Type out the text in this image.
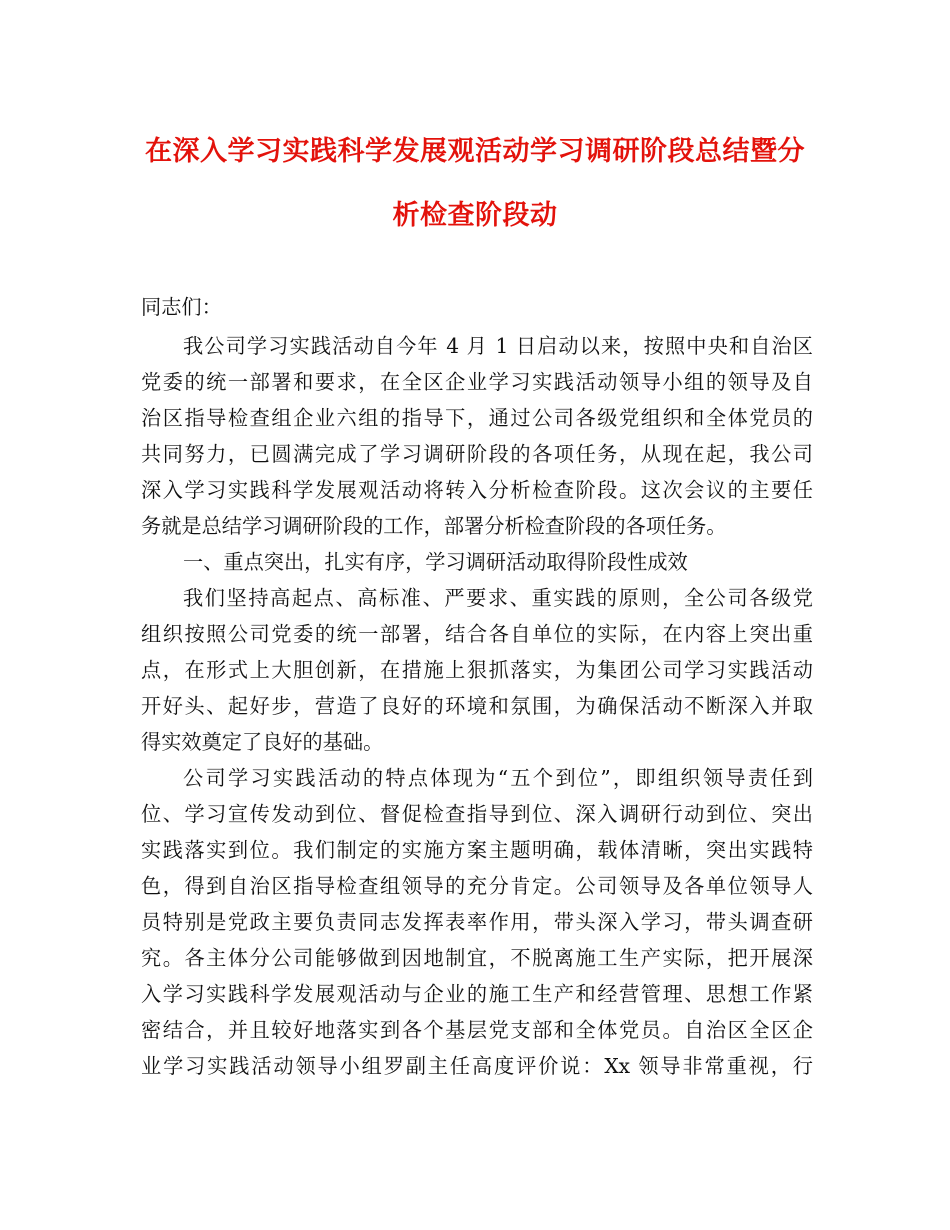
在深入学习实践科学发展观活动学习调研阶段总结暨分
析检查阶段动
同志们：
我公司学习实践活动自今年 4 月 1 日启动以来，按照中央和自治区
党委的统一部署和要求，在全区企业学习实践活动领导小组的领导及自
治区指导检查组企业六组的指导下，通过公司各级党组织和全体党员的
共同努力，已圆满完成了学习调研阶段的各项任务，从现在起，我公司
深入学习实践科学发展观活动将转入分析检查阶段。这次会议的主要任
务就是总结学习调研阶段的工作，部署分析检查阶段的各项任务。
一、重点突出，扎实有序，学习调研活动取得阶段性成效
我们坚持高起点、高标准、严要求、重实践的原则，全公司各级党
组织按照公司党委的统一部署，结合各自单位的实际，在内容上突出重
点，在形式上大胆创新，在措施上狠抓落实，为集团公司学习实践活动
开好头、起好步，营造了良好的环境和氛围，为确保活动不断深入并取
得实效奠定了良好的基础。
公司学习实践活动的特点体现为“五个到位”，即组织领导责任到
位、学习宣传发动到位、督促检查指导到位、深入调研行动到位、突出
实践落实到位。我们制定的实施方案主题明确，载体清晰，突出实践特
色，得到自治区指导检查组领导的充分肯定。公司领导及各单位领导人
员特别是党政主要负责同志发挥表率作用，带头深入学习，带头调查研
究。各主体分公司能够做到因地制宜，不脱离施工生产实际，把开展深
入学习实践科学发展观活动与企业的施工生产和经营管理、思想工作紧
密结合，并且较好地落实到各个基层党支部和全体党员。自治区全区企
业学习实践活动领导小组罗副主任高度评价说：Xx 领导非常重视，行
